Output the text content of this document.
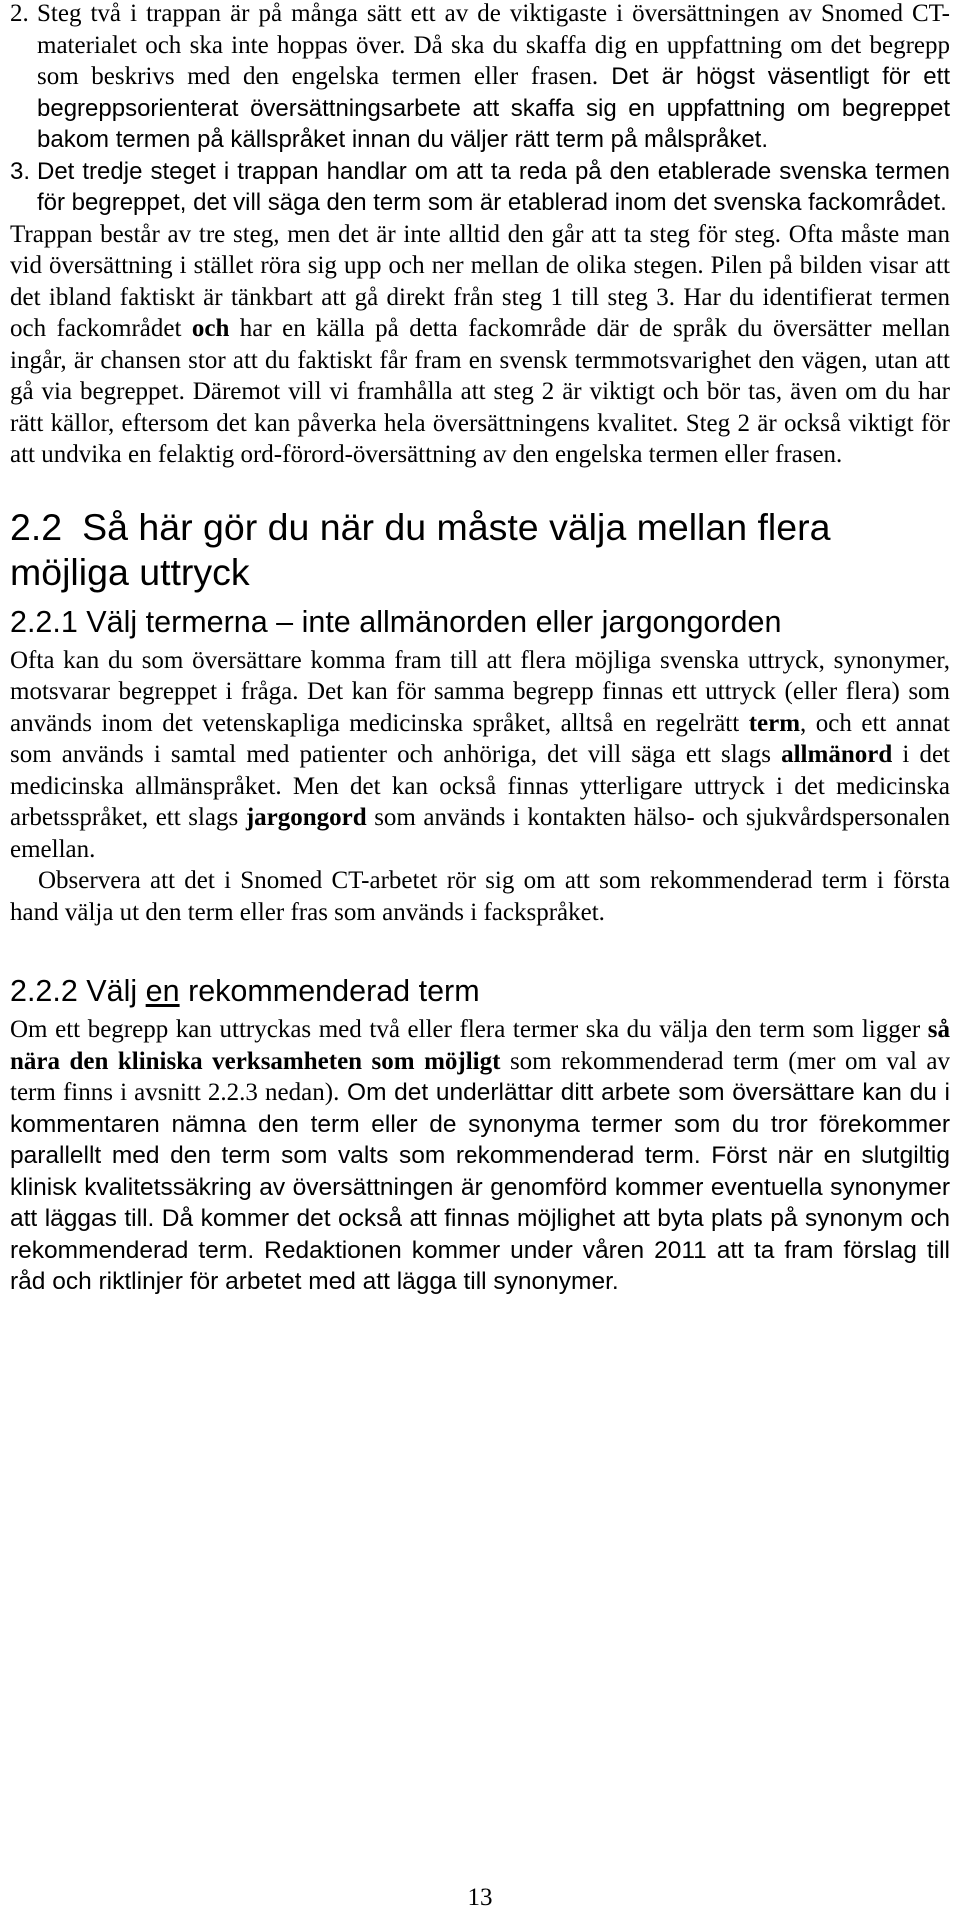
2. Steg två i trappan är på många sätt ett av de viktigaste i översättningen av Snomed CT-materialet och ska inte hoppas över. Då ska du skaffa dig en uppfattning om det begrepp som beskrivs med den engelska termen eller frasen. Det är högst väsentligt för ett begreppsorienterat översättningsarbete att skaffa sig en uppfattning om begreppet bakom termen på källspråket innan du väljer rätt term på målspråket.
3. Det tredje steget i trappan handlar om att ta reda på den etablerade svenska termen för begreppet, det vill säga den term som är etablerad inom det svenska fackområdet.

Trappan består av tre steg, men det är inte alltid den går att ta steg för steg. Ofta måste man vid översättning i stället röra sig upp och ner mellan de olika stegen. Pilen på bilden visar att det ibland faktiskt är tänkbart att gå direkt från steg 1 till steg 3. Har du identifierat termen och fackområdet och har en källa på detta fackområde där de språk du översätter mellan ingår, är chansen stor att du faktiskt får fram en svensk termmotsvarighet den vägen, utan att gå via begreppet. Däremot vill vi framhålla att steg 2 är viktigt och bör tas, även om du har rätt källor, eftersom det kan påverka hela översättningens kvalitet. Steg 2 är också viktigt för att undvika en felaktig ord-förord-översättning av den engelska termen eller frasen.

2.2 Så här gör du när du måste välja mellan flera möjliga uttryck
2.2.1 Välj termerna – inte allmänorden eller jargongorden

Ofta kan du som översättare komma fram till att flera möjliga svenska uttryck, synonymer, motsvarar begreppet i fråga. Det kan för samma begrepp finnas ett uttryck (eller flera) som används inom det vetenskapliga medicinska språket, alltså en regelrätt term, och ett annat som används i samtal med patienter och anhöriga, det vill säga ett slags allmänord i det medicinska allmänspråket. Men det kan också finnas ytterligare uttryck i det medicinska arbetsspråket, ett slags jargongord som används i kontakten hälso- och sjukvårdspersonalen emellan.

Observera att det i Snomed CT-arbetet rör sig om att som rekommenderad term i första hand välja ut den term eller fras som används i fackspråket.

2.2.2 Välj en rekommenderad term

Om ett begrepp kan uttryckas med två eller flera termer ska du välja den term som ligger så nära den kliniska verksamheten som möjligt som rekommenderad term (mer om val av term finns i avsnitt 2.2.3 nedan). Om det underlättar ditt arbete som översättare kan du i kommentaren nämna den term eller de synonyma termer som du tror förekommer parallellt med den term som valts som rekommenderad term. Först när en slutgiltig klinisk kvalitetssäkring av översättningen är genomförd kommer eventuella synonymer att läggas till. Då kommer det också att finnas möjlighet att byta plats på synonym och rekommenderad term. Redaktionen kommer under våren 2011 att ta fram förslag till råd och riktlinjer för arbetet med att lägga till synonymer.

13
